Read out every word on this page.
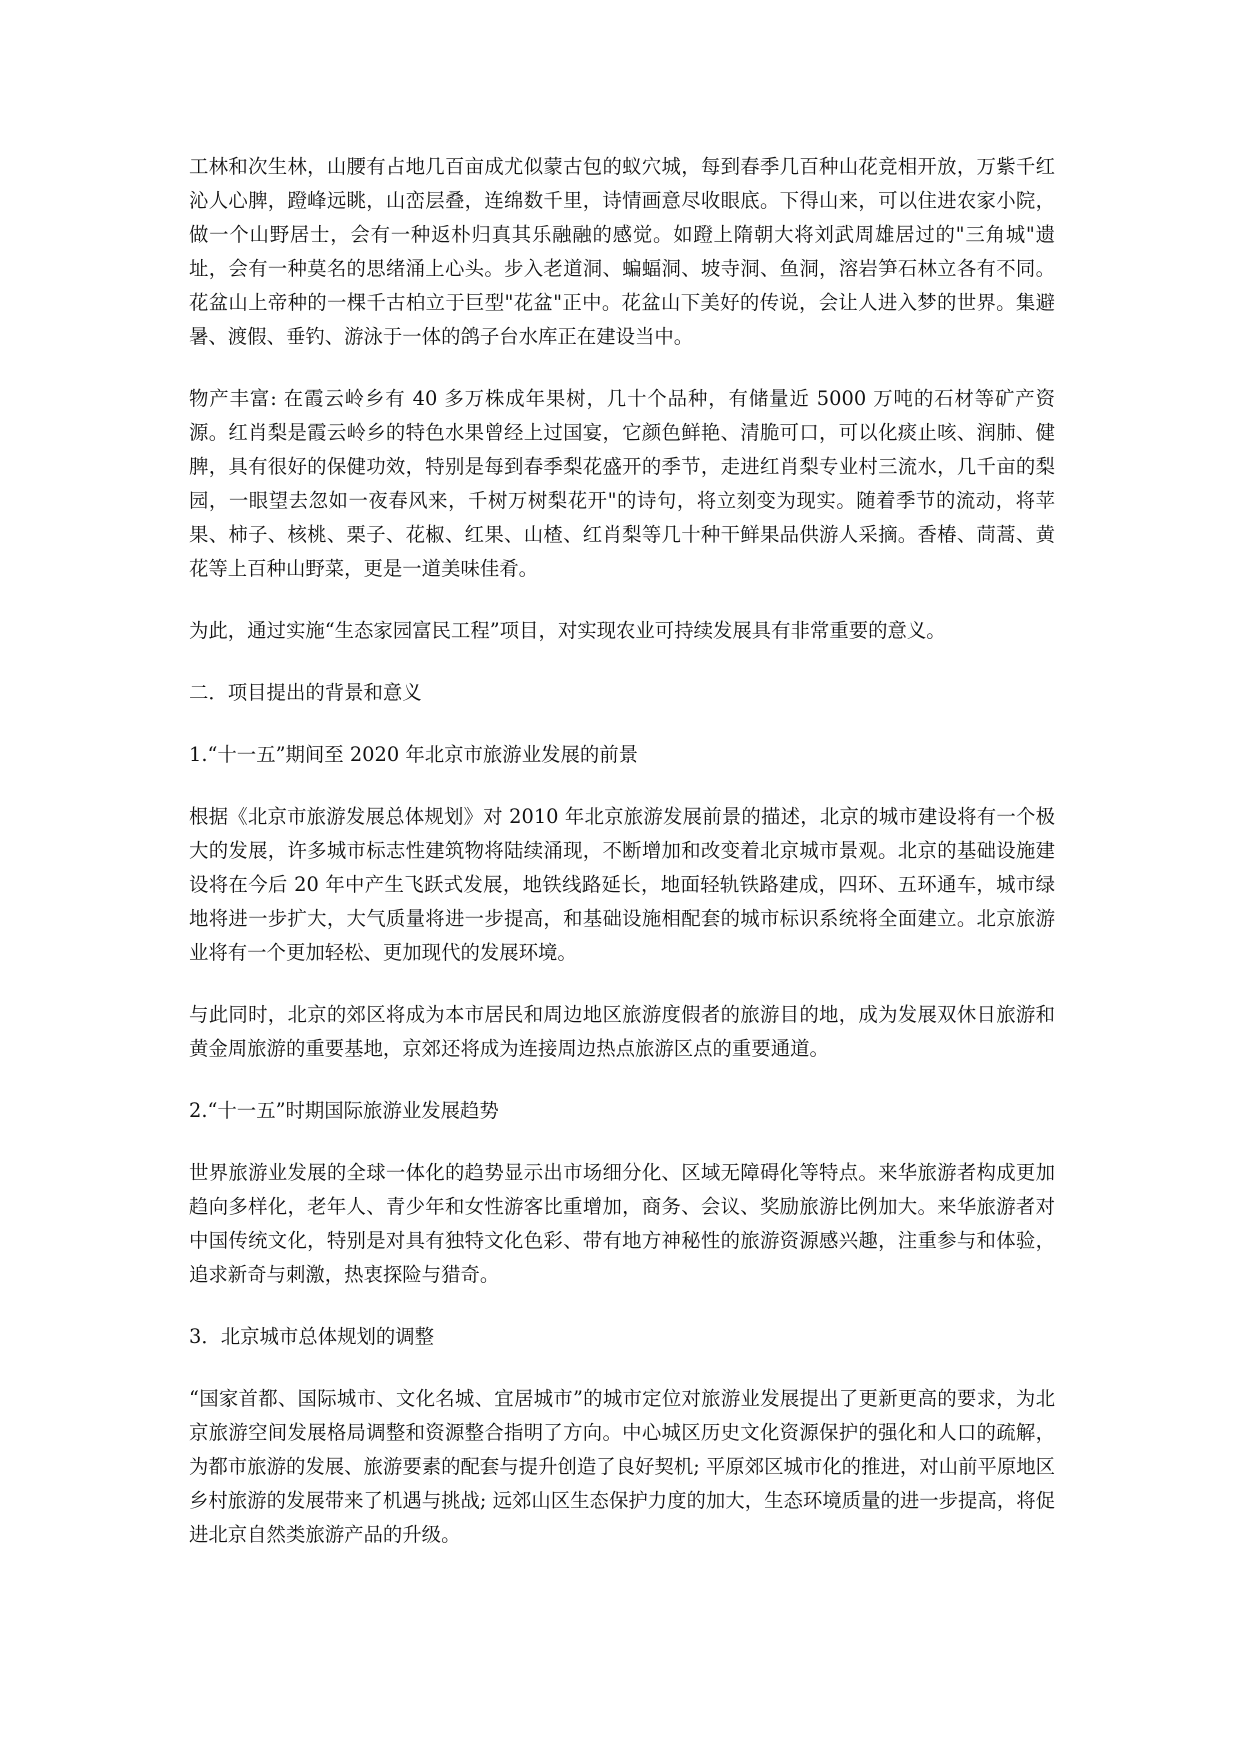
工林和次生林，山腰有占地几百亩成尤似蒙古包的蚁穴城，每到春季几百种山花竞相开放，万紫千红沁人心脾，蹬峰远眺，山峦层叠，连绵数千里，诗情画意尽收眼底。下得山来，可以住进农家小院，做一个山野居士，会有一种返朴归真其乐融融的感觉。如蹬上隋朝大将刘武周雄居过的"三角城"遗址，会有一种莫名的思绪涌上心头。步入老道洞、蝙蝠洞、坡寺洞、鱼洞，溶岩笋石林立各有不同。花盆山上帝种的一棵千古柏立于巨型"花盆"正中。花盆山下美好的传说，会让人进入梦的世界。集避暑、渡假、垂钓、游泳于一体的鸽子台水库正在建设当中。

物产丰富: 在霞云岭乡有 40 多万株成年果树，几十个品种，有储量近 5000 万吨的石材等矿产资源。红肖梨是霞云岭乡的特色水果曾经上过国宴，它颜色鲜艳、清脆可口，可以化痰止咳、润肺、健脾，具有很好的保健功效，特别是每到春季梨花盛开的季节，走进红肖梨专业村三流水，几千亩的梨园，一眼望去忽如一夜春风来，千树万树梨花开"的诗句，将立刻变为现实。随着季节的流动，将苹果、柿子、核桃、栗子、花椒、红果、山楂、红肖梨等几十种干鲜果品供游人采摘。香椿、茼蒿、黄花等上百种山野菜，更是一道美味佳肴。

为此，通过实施“生态家园富民工程”项目，对实现农业可持续发展具有非常重要的意义。

二．项目提出的背景和意义

1.“十一五”期间至 2020 年北京市旅游业发展的前景

根据《北京市旅游发展总体规划》对 2010 年北京旅游发展前景的描述，北京的城市建设将有一个极大的发展，许多城市标志性建筑物将陆续涌现，不断增加和改变着北京城市景观。北京的基础设施建设将在今后 20 年中产生飞跃式发展，地铁线路延长，地面轻轨铁路建成，四环、五环通车，城市绿地将进一步扩大，大气质量将进一步提高，和基础设施相配套的城市标识系统将全面建立。北京旅游业将有一个更加轻松、更加现代的发展环境。

与此同时，北京的郊区将成为本市居民和周边地区旅游度假者的旅游目的地，成为发展双休日旅游和黄金周旅游的重要基地，京郊还将成为连接周边热点旅游区点的重要通道。

2.“十一五”时期国际旅游业发展趋势

世界旅游业发展的全球一体化的趋势显示出市场细分化、区域无障碍化等特点。来华旅游者构成更加趋向多样化，老年人、青少年和女性游客比重增加，商务、会议、奖励旅游比例加大。来华旅游者对中国传统文化，特别是对具有独特文化色彩、带有地方神秘性的旅游资源感兴趣，注重参与和体验，追求新奇与刺激，热衷探险与猎奇。

3．北京城市总体规划的调整

“国家首都、国际城市、文化名城、宜居城市”的城市定位对旅游业发展提出了更新更高的要求，为北京旅游空间发展格局调整和资源整合指明了方向。中心城区历史文化资源保护的强化和人口的疏解，为都市旅游的发展、旅游要素的配套与提升创造了良好契机; 平原郊区城市化的推进，对山前平原地区乡村旅游的发展带来了机遇与挑战; 远郊山区生态保护力度的加大，生态环境质量的进一步提高，将促进北京自然类旅游产品的升级。
